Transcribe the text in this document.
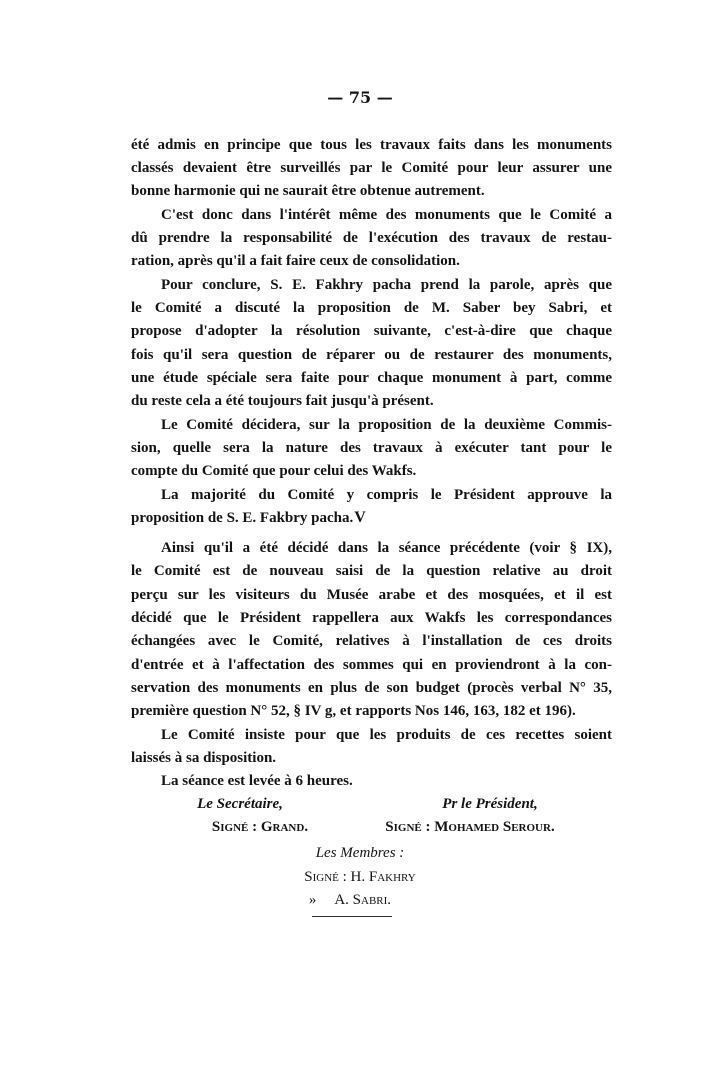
— 75 —
été admis en principe que tous les travaux faits dans les monuments
classés devaient être surveillés par le Comité pour leur assurer une
bonne harmonie qui ne saurait être obtenue autrement.
C'est donc dans l'intérêt même des monuments que le Comité a
dû prendre la responsabilité de l'exécution des travaux de restau-
ration, après qu'il a fait faire ceux de consolidation.
Pour conclure, S. E. Fakhry pacha prend la parole, après que
le Comité a discuté la proposition de M. Saber bey Sabri, et
propose d'adopter la résolution suivante, c'est-à-dire que chaque
fois qu'il sera question de réparer ou de restaurer des monuments,
une étude spéciale sera faite pour chaque monument à part, comme
du reste cela a été toujours fait jusqu'à présent.
Le Comité décidera, sur la proposition de la deuxième Commis-
sion, quelle sera la nature des travaux à exécuter tant pour le
compte du Comité que pour celui des Wakfs.
La majorité du Comité y compris le Président approuve la
proposition de S. E. Fakbry pacha.
Ainsi qu'il a été décidé dans la séance précédente (voir § IX),
le Comité est de nouveau saisi de la question relative au droit
perçu sur les visiteurs du Musée arabe et des mosquées, et il est
décidé que le Président rappellera aux Wakfs les correspondances
échangées avec le Comité, relatives à l'installation de ces droits
d'entrée et à l'affectation des sommes qui en proviendront à la con-
servation des monuments en plus de son budget (procès verbal N° 35,
première question N° 52, § IV g, et rapports Nos 146, 163, 182 et 196).
Le Comité insiste pour que les produits de ces recettes soient
laissés à sa disposition.
La séance est levée à 6 heures.
V
Le Secrétaire,
Signé : Grand.
Pr le Président,
Signé : Mohamed Serour.
Les Membres :
Signé : H. Fakhry
»     A. Sabri.
